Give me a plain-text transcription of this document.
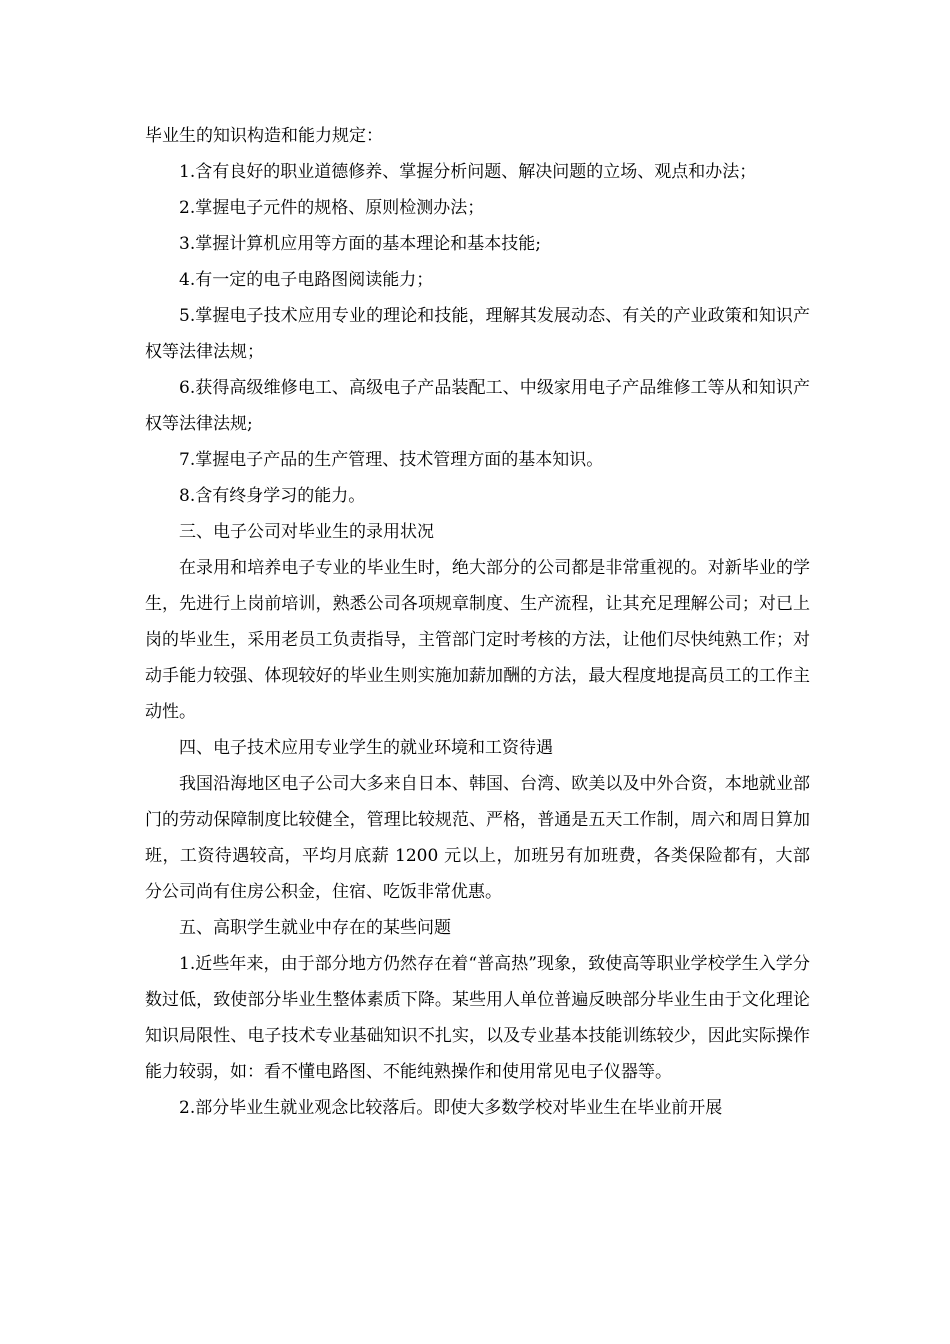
毕业生的知识构造和能力规定：

1.含有良好的职业道德修养、掌握分析问题、解决问题的立场、观点和办法；

2.掌握电子元件的规格、原则检测办法；

3.掌握计算机应用等方面的基本理论和基本技能;

4.有一定的电子电路图阅读能力；

5.掌握电子技术应用专业的理论和技能，理解其发展动态、有关的产业政策和知识产权等法律法规；

6.获得高级维修电工、高级电子产品装配工、中级家用电子产品维修工等从和知识产权等法律法规;

7.掌握电子产品的生产管理、技术管理方面的基本知识。

8.含有终身学习的能力。

三、电子公司对毕业生的录用状况

在录用和培养电子专业的毕业生时，绝大部分的公司都是非常重视的。对新毕业的学生，先进行上岗前培训，熟悉公司各项规章制度、生产流程，让其充足理解公司；对已上岗的毕业生，采用老员工负责指导，主管部门定时考核的方法，让他们尽快纯熟工作；对动手能力较强、体现较好的毕业生则实施加薪加酬的方法，最大程度地提高员工的工作主动性。

四、电子技术应用专业学生的就业环境和工资待遇

我国沿海地区电子公司大多来自日本、韩国、台湾、欧美以及中外合资，本地就业部门的劳动保障制度比较健全，管理比较规范、严格，普通是五天工作制，周六和周日算加班，工资待遇较高，平均月底薪 1200 元以上，加班另有加班费，各类保险都有，大部分公司尚有住房公积金，住宿、吃饭非常优惠。

五、高职学生就业中存在的某些问题

1.近些年来，由于部分地方仍然存在着“普高热”现象，致使高等职业学校学生入学分数过低，致使部分毕业生整体素质下降。某些用人单位普遍反映部分毕业生由于文化理论知识局限性、电子技术专业基础知识不扎实，以及专业基本技能训练较少，因此实际操作能力较弱，如：看不懂电路图、不能纯熟操作和使用常见电子仪器等。

2.部分毕业生就业观念比较落后。即使大多数学校对毕业生在毕业前开展
